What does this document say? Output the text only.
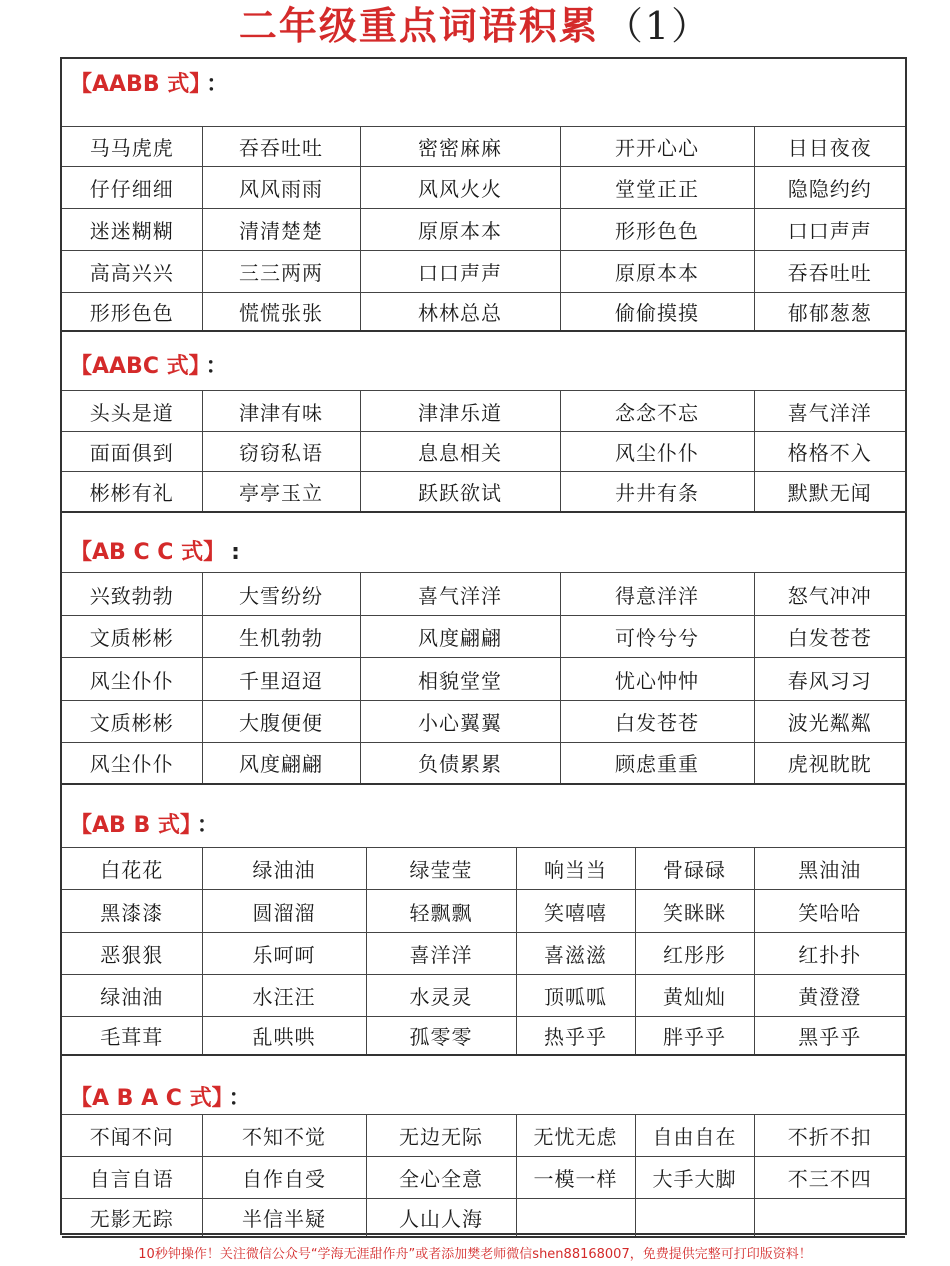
二年级重点词语积累 （1）
【AABB 式】 ：
马马虎虎	吞吞吐吐	密密麻麻	开开心心	日日夜夜
仔仔细细	风风雨雨	风风火火	堂堂正正	隐隐约约
迷迷糊糊	清清楚楚	原原本本	形形色色	口口声声
高高兴兴	三三两两	口口声声	原原本本	吞吞吐吐
形形色色	慌慌张张	林林总总	偷偷摸摸	郁郁葱葱
【AABC 式】 ：
头头是道	津津有味	津津乐道	念念不忘	喜气洋洋
面面俱到	窃窃私语	息息相关	风尘仆仆	格格不入
彬彬有礼	亭亭玉立	跃跃欲试	井井有条	默默无闻
【AB C C 式】 :
兴致勃勃	大雪纷纷	喜气洋洋	得意洋洋	怒气冲冲
文质彬彬	生机勃勃	风度翩翩	可怜兮兮	白发苍苍
风尘仆仆	千里迢迢	相貌堂堂	忧心忡忡	春风习习
文质彬彬	大腹便便	小心翼翼	白发苍苍	波光粼粼
风尘仆仆	风度翩翩	负债累累	顾虑重重	虎视眈眈
【AB B 式】 ：
白花花	绿油油	绿莹莹	响当当	骨碌碌	黑油油
黑漆漆	圆溜溜	轻飘飘	笑嘻嘻	笑眯眯	笑哈哈
恶狠狠	乐呵呵	喜洋洋	喜滋滋	红彤彤	红扑扑
绿油油	水汪汪	水灵灵	顶呱呱	黄灿灿	黄澄澄
毛茸茸	乱哄哄	孤零零	热乎乎	胖乎乎	黑乎乎
【A B A C 式】 ：
不闻不问	不知不觉	无边无际	无忧无虑	自由自在	不折不扣
自言自语	自作自受	全心全意	一模一样	大手大脚	不三不四
无影无踪	半信半疑	人山人海			
10秒钟操作！关注微信公众号“学海无涯甜作舟”或者添加樊老师微信shen88168007，免费提供完整可打印版资料！
